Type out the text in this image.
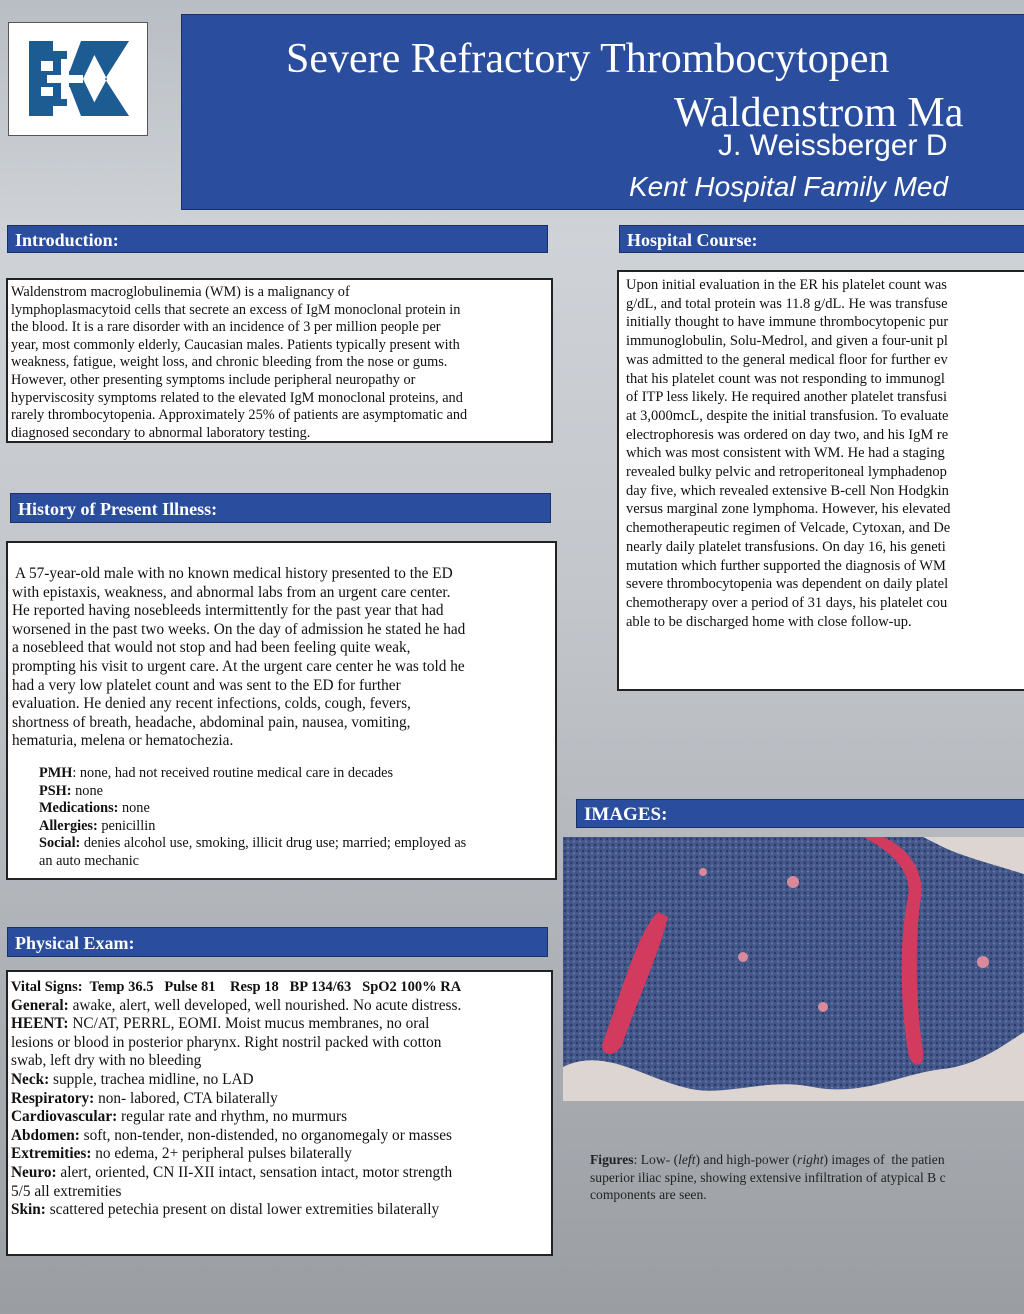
Severe Refractory Thrombocytopen
Waldenstrom Ma
J. Weissberger D
Kent Hospital Family Med
Introduction:
Waldenstrom macroglobulinemia (WM) is a malignancy of
lymphoplasmacytoid cells that secrete an excess of IgM monoclonal protein in
the blood. It is a rare disorder with an incidence of 3 per million people per
year, most commonly elderly, Caucasian males. Patients typically present with
weakness, fatigue, weight loss, and chronic bleeding from the nose or gums.
However, other presenting symptoms include peripheral neuropathy or
hyperviscosity symptoms related to the elevated IgM monoclonal proteins, and
rarely thrombocytopenia. Approximately 25% of patients are asymptomatic and
diagnosed secondary to abnormal laboratory testing.
History of Present Illness:
A 57-year-old male with no known medical history presented to the ED
with epistaxis, weakness, and abnormal labs from an urgent care center.
He reported having nosebleeds intermittently for the past year that had
worsened in the past two weeks. On the day of admission he stated he had
a nosebleed that would not stop and had been feeling quite weak,
prompting his visit to urgent care. At the urgent care center he was told he
had a very low platelet count and was sent to the ED for further
evaluation. He denied any recent infections, colds, cough, fevers,
shortness of breath, headache, abdominal pain, nausea, vomiting,
hematuria, melena or hematochezia.
PMH: none, had not received routine medical care in decades
PSH: none
Medications: none
Allergies: penicillin
Social: denies alcohol use, smoking, illicit drug use; married; employed as
an auto mechanic
Physical Exam:
Vital Signs:  Temp 36.5   Pulse 81    Resp 18   BP 134/63   SpO2 100% RA
General: awake, alert, well developed, well nourished. No acute distress.
HEENT: NC/AT, PERRL, EOMI. Moist mucus membranes, no oral
lesions or blood in posterior pharynx. Right nostril packed with cotton
swab, left dry with no bleeding
Neck: supple, trachea midline, no LAD
Respiratory: non- labored, CTA bilaterally
Cardiovascular: regular rate and rhythm, no murmurs
Abdomen: soft, non-tender, non-distended, no organomegaly or masses
Extremities: no edema, 2+ peripheral pulses bilaterally
Neuro: alert, oriented, CN II-XII intact, sensation intact, motor strength
5/5 all extremities
Skin: scattered petechia present on distal lower extremities bilaterally
Hospital Course:
Upon initial evaluation in the ER his platelet count was
g/dL, and total protein was 11.8 g/dL. He was transfuse
initially thought to have immune thrombocytopenic pur
immunoglobulin, Solu-Medrol, and given a four-unit pl
was admitted to the general medical floor for further ev
that his platelet count was not responding to immunogl
of ITP less likely. He required another platelet transfusi
at 3,000mcL, despite the initial transfusion. To evaluate
electrophoresis was ordered on day two, and his IgM re
which was most consistent with WM. He had a staging
revealed bulky pelvic and retroperitoneal lymphadenop
day five, which revealed extensive B-cell Non Hodgkin
versus marginal zone lymphoma. However, his elevated
chemotherapeutic regimen of Velcade, Cytoxan, and De
nearly daily platelet transfusions. On day 16, his geneti
mutation which further supported the diagnosis of WM
severe thrombocytopenia was dependent on daily platel
chemotherapy over a period of 31 days, his platelet cou
able to be discharged home with close follow-up.
IMAGES:
Figures: Low- (left) and high-power (right) images of  the patien
superior iliac spine, showing extensive infiltration of atypical B c
components are seen.
